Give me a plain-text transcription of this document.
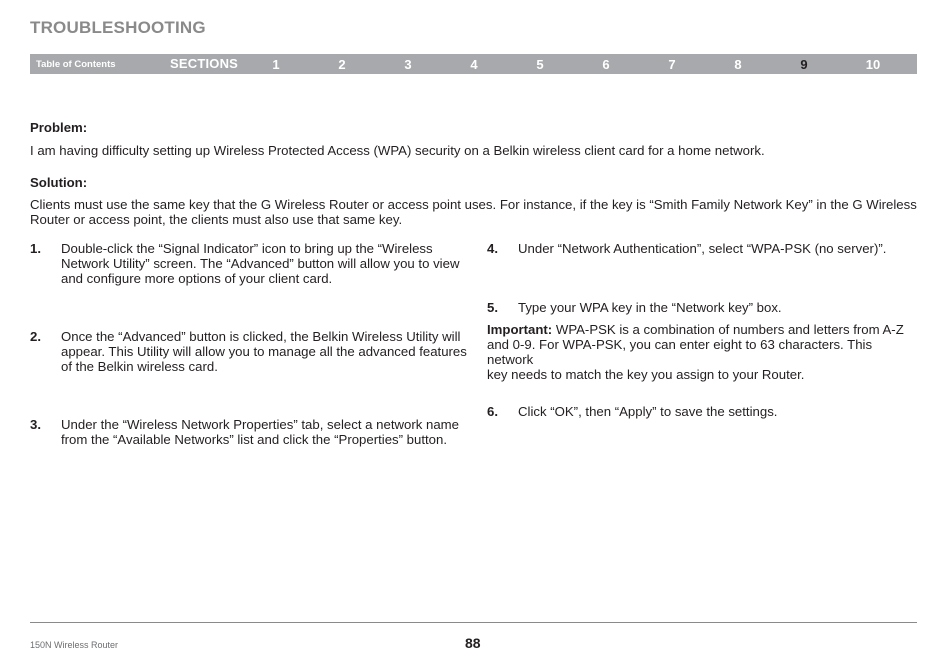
TROUBLESHOOTING
Table of Contents	SECTIONS	1	2	3	4	5	6	7	8	9	10
Problem:
I am having difficulty setting up Wireless Protected Access (WPA) security on a Belkin wireless client card for a home network.
Solution:
Clients must use the same key that the G Wireless Router or access point uses. For instance, if the key is “Smith Family Network Key” in the G Wireless
Router or access point, the clients must also use that same key.
1. Double-click the “Signal Indicator” icon to bring up the “Wireless
Network Utility” screen. The “Advanced” button will allow you to view
and configure more options of your client card.
2. Once the “Advanced” button is clicked, the Belkin Wireless Utility will
appear. This Utility will allow you to manage all the advanced features
of the Belkin wireless card.
3. Under the “Wireless Network Properties” tab, select a network name
from the “Available Networks” list and click the “Properties” button.
4. Under “Network Authentication”, select “WPA-PSK (no server)”.
5. Type your WPA key in the “Network key” box.
Important: WPA-PSK is a combination of numbers and letters from A-Z
and 0-9. For WPA-PSK, you can enter eight to 63 characters. This network
key needs to match the key you assign to your Router.
6. Click “OK”, then “Apply” to save the settings.
150N Wireless Router	88
